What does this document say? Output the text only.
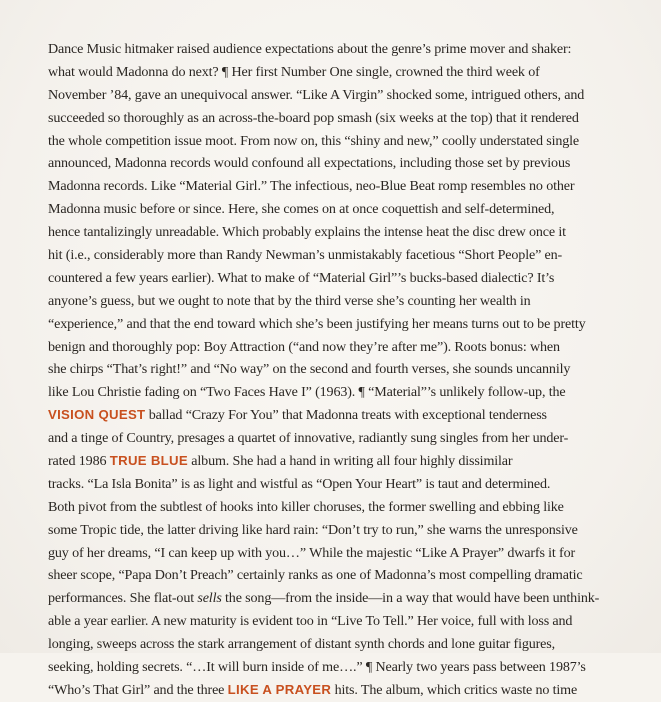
Dance Music hitmaker raised audience expectations about the genre’s prime mover and shaker:
what would Madonna do next? ¶ Her first Number One single, crowned the third week of
November ’84, gave an unequivocal answer. “Like A Virgin” shocked some, intrigued others, and
succeeded so thoroughly as an across-the-board pop smash (six weeks at the top) that it rendered
the whole competition issue moot. From now on, this “shiny and new,” coolly understated single
announced, Madonna records would confound all expectations, including those set by previous
Madonna records. Like “Material Girl.” The infectious, neo-Blue Beat romp resembles no other
Madonna music before or since. Here, she comes on at once coquettish and self-determined,
hence tantalizingly unreadable. Which probably explains the intense heat the disc drew once it
hit (i.e., considerably more than Randy Newman’s unmistakably facetious “Short People” en-
countered a few years earlier). What to make of “Material Girl”’s bucks-based dialectic? It’s
anyone’s guess, but we ought to note that by the third verse she’s counting her wealth in
“experience,” and that the end toward which she’s been justifying her means turns out to be pretty
benign and thoroughly pop: Boy Attraction (“and now they’re after me”). Roots bonus: when
she chirps “That’s right!” and “No way” on the second and fourth verses, she sounds uncannily
like Lou Christie fading on “Two Faces Have I” (1963). ¶ “Material”’s unlikely follow-up, the
VISION QUEST ballad “Crazy For You” that Madonna treats with exceptional tenderness
and a tinge of Country, presages a quartet of innovative, radiantly sung singles from her under-
rated 1986 TRUE BLUE album. She had a hand in writing all four highly dissimilar
tracks. “La Isla Bonita” is as light and wistful as “Open Your Heart” is taut and determined.
Both pivot from the subtlest of hooks into killer choruses, the former swelling and ebbing like
some Tropic tide, the latter driving like hard rain: “Don’t try to run,” she warns the unresponsive
guy of her dreams, “I can keep up with you…” While the majestic “Like A Prayer” dwarfs it for
sheer scope, “Papa Don’t Preach” certainly ranks as one of Madonna’s most compelling dramatic
performances. She flat-out sells the song—from the inside—in a way that would have been unthink-
able a year earlier. A new maturity is evident too in “Live To Tell.” Her voice, full with loss and
longing, sweeps across the stark arrangement of distant synth chords and lone guitar figures,
seeking, holding secrets. “…It will burn inside of me….” ¶ Nearly two years pass between 1987’s
“Who’s That Girl” and the three LIKE A PRAYER hits. The album, which critics waste no time
